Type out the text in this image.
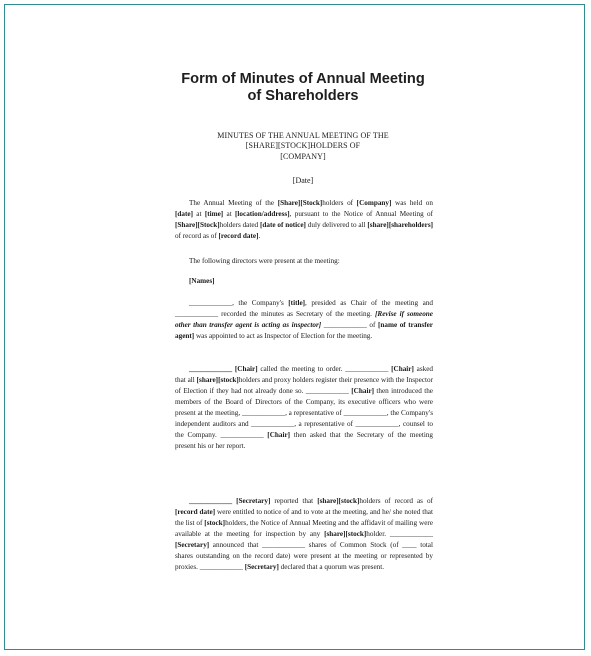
Form of Minutes of Annual Meeting
of Shareholders
MINUTES OF THE ANNUAL MEETING OF THE
[SHARE][STOCK]HOLDERS OF
[COMPANY]
[Date]

The Annual Meeting of the [Share][Stock]holders of [Company] was held on [date] at [time] at [location/address], pursuant to the Notice of Annual Meeting of [Share][Stock]holders dated [date of notice] duly delivered to all [share][shareholders] of record as of [record date].

The following directors were present at the meeting:

[Names]

____________, the Company's [title], presided as Chair of the meeting and ____________ recorded the minutes as Secretary of the meeting. [Revise if someone other than transfer agent is acting as inspector] ____________ of [name of transfer agent] was appointed to act as Inspector of Election for the meeting.

____________ [Chair] called the meeting to order. ____________ [Chair] asked that all [share][stock]holders and proxy holders register their presence with the Inspector of Election if they had not already done so. ____________ [Chair] then introduced the members of the Board of Directors of the Company, its executive officers who were present at the meeting, ____________, a representative of ____________, the Company's independent auditors and ____________, a representative of ____________, counsel to the Company. ____________ [Chair] then asked that the Secretary of the meeting present his or her report.

____________ [Secretary] reported that [share][stock]holders of record as of [record date] were entitled to notice of and to vote at the meeting, and he/ she noted that the list of [stock]holders, the Notice of Annual Meeting and the affidavit of mailing were available at the meeting for inspection by any [share][stock]holder. ____________ [Secretary] announced that ____________ shares of Common Stock (of ____ total shares outstanding on the record date) were present at the meeting or represented by proxies. ____________ [Secretary] declared that a quorum was present.
